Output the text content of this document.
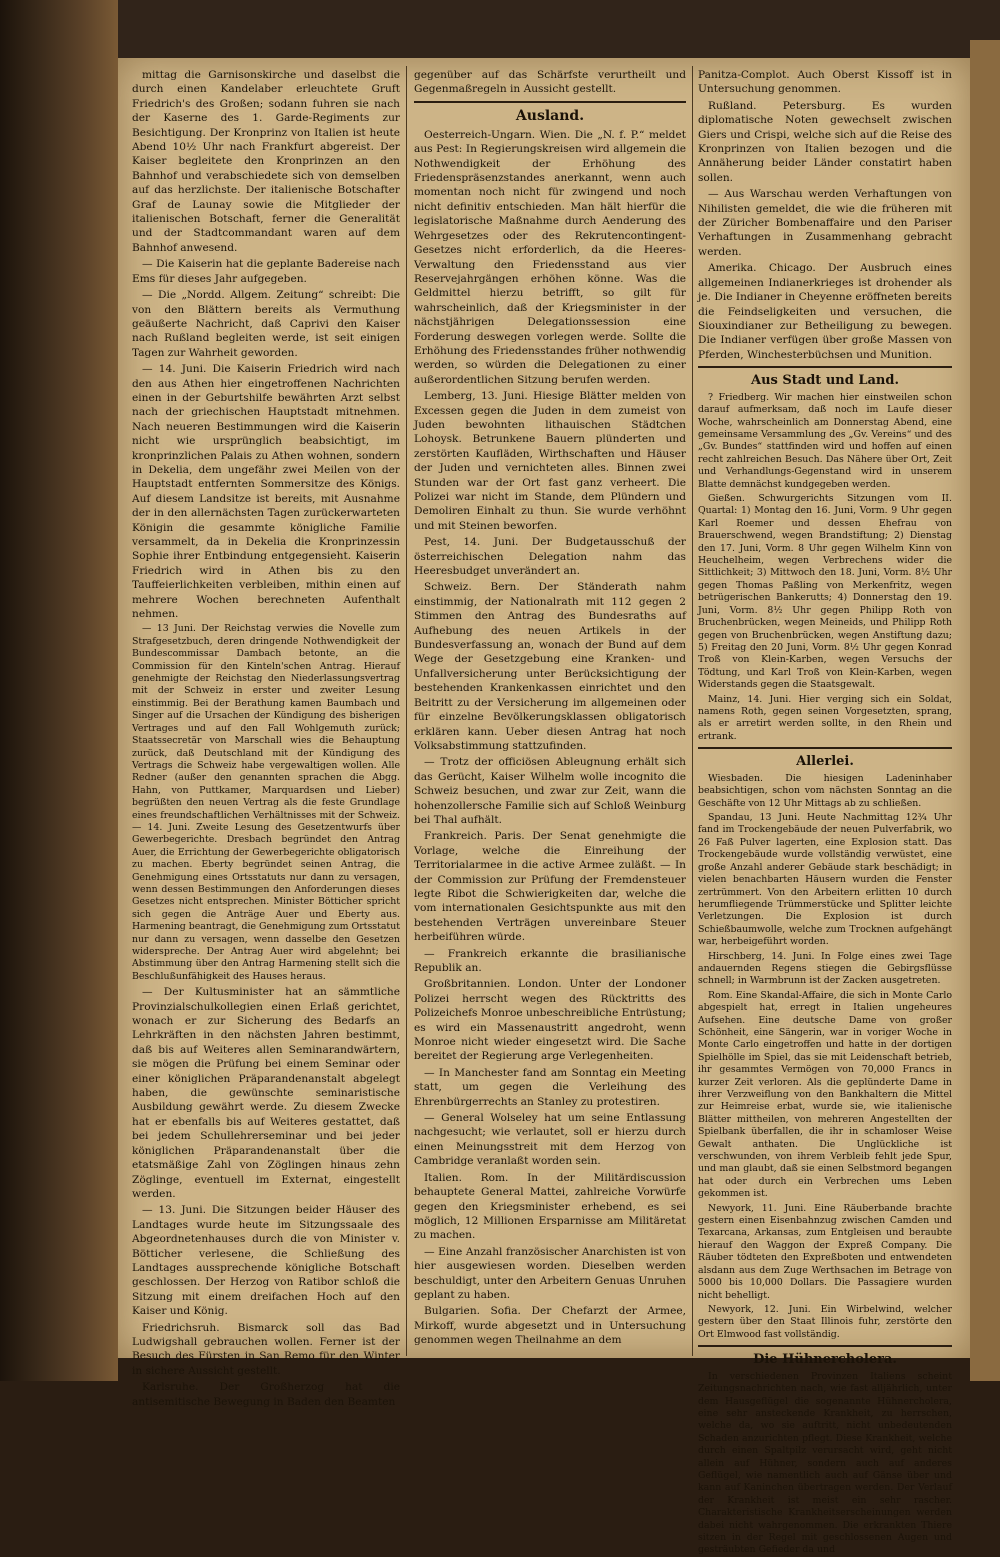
mittag die Garnisonskirche und daselbst die durch einen Kandelaber erleuchtete Gruft Friedrich's des Großen; sodann fuhren sie nach der Kaserne des 1. Garde-Regiments zur Besichtigung. Der Kronprinz von Italien ist heute Abend 10½ Uhr nach Frankfurt abgereist. Der Kaiser begleitete den Kronprinzen an den Bahnhof und verabschiedete sich von demselben auf das herzlichste. Der italienische Botschafter Graf de Launay sowie die Mitglieder der italienischen Botschaft, ferner die Generalität und der Stadtcommandant waren auf dem Bahnhof anwesend.

— Die Kaiserin hat die geplante Badereise nach Ems für dieses Jahr aufgegeben.

— Die „Nordd. Allgem. Zeitung“ schreibt: Die von den Blättern bereits als Vermuthung geäußerte Nachricht, daß Caprivi den Kaiser nach Rußland begleiten werde, ist seit einigen Tagen zur Wahrheit geworden.

— 14. Juni. Die Kaiserin Friedrich wird nach den aus Athen hier eingetroffenen Nachrichten einen in der Geburtshilfe bewährten Arzt selbst nach der griechischen Hauptstadt mitnehmen. Nach neueren Bestimmungen wird die Kaiserin nicht wie ursprünglich beabsichtigt, im kronprinzlichen Palais zu Athen wohnen, sondern in Dekelia, dem ungefähr zwei Meilen von der Hauptstadt entfernten Sommersitze des Königs. Auf diesem Landsitze ist bereits, mit Ausnahme der in den allernächsten Tagen zurückerwarteten Königin die gesammte königliche Familie versammelt, da in Dekelia die Kronprinzessin Sophie ihrer Entbindung entgegensieht. Kaiserin Friedrich wird in Athen bis zu den Tauffeierlichkeiten verbleiben, mithin einen auf mehrere Wochen berechneten Aufenthalt nehmen.

— 13 Juni. Der Reichstag verwies die Novelle zum Strafgesetzbuch, deren dringende Nothwendigkeit der Bundescommissar Dambach betonte, an die Commission für den Kinteln'schen Antrag. Hierauf genehmigte der Reichstag den Niederlassungsvertrag mit der Schweiz in erster und zweiter Lesung einstimmig. Bei der Berathung kamen Baumbach und Singer auf die Ursachen der Kündigung des bisherigen Vertrages und auf den Fall Wohlgemuth zurück; Staatssecretär von Marschall wies die Behauptung zurück, daß Deutschland mit der Kündigung des Vertrags die Schweiz habe vergewaltigen wollen. Alle Redner (außer den genannten sprachen die Abgg. Hahn, von Puttkamer, Marquardsen und Lieber) begrüßten den neuen Vertrag als die feste Grundlage eines freundschaftlichen Verhältnisses mit der Schweiz. — 14. Juni. Zweite Lesung des Gesetzentwurfs über Gewerbegerichte. Dresbach begründet den Antrag Auer, die Errichtung der Gewerbegerichte obligatorisch zu machen. Eberty begründet seinen Antrag, die Genehmigung eines Ortsstatuts nur dann zu versagen, wenn dessen Bestimmungen den Anforderungen dieses Gesetzes nicht entsprechen. Minister Bötticher spricht sich gegen die Anträge Auer und Eberty aus. Harmening beantragt, die Genehmigung zum Ortsstatut nur dann zu versagen, wenn dasselbe den Gesetzen widerspreche. Der Antrag Auer wird abgelehnt; bei Abstimmung über den Antrag Harmening stellt sich die Beschlußunfähigkeit des Hauses heraus.

— Der Kultusminister hat an sämmtliche Provinzialschulkollegien einen Erlaß gerichtet, wonach er zur Sicherung des Bedarfs an Lehrkräften in den nächsten Jahren bestimmt, daß bis auf Weiteres allen Seminarandwärtern, sie mögen die Prüfung bei einem Seminar oder einer königlichen Präparandenanstalt abgelegt haben, die gewünschte seminaristische Ausbildung gewährt werde. Zu diesem Zwecke hat er ebenfalls bis auf Weiteres gestattet, daß bei jedem Schullehrerseminar und bei jeder königlichen Präparandenanstalt über die etatsmäßige Zahl von Zöglingen hinaus zehn Zöglinge, eventuell im Externat, eingestellt werden.

— 13. Juni. Die Sitzungen beider Häuser des Landtages wurde heute im Sitzungssaale des Abgeordnetenhauses durch die von Minister v. Bötticher verlesene, die Schließung des Landtages aussprechende königliche Botschaft geschlossen. Der Herzog von Ratibor schloß die Sitzung mit einem dreifachen Hoch auf den Kaiser und König.

Friedrichsruh. Bismarck soll das Bad Ludwigshall gebrauchen wollen. Ferner ist der Besuch des Fürsten in San Remo für den Winter in sichere Aussicht gestellt.

Karlsruhe. Der Großherzog hat die antisemitische Bewegung in Baden den Beamten

gegenüber auf das Schärfste verurtheilt und Gegenmaßregeln in Aussicht gestellt.

Ausland.

Oesterreich-Ungarn. Wien. Die „N. f. P.“ meldet aus Pest: In Regierungskreisen wird allgemein die Nothwendigkeit der Erhöhung des Friedenspräsenzstandes anerkannt, wenn auch momentan noch nicht für zwingend und noch nicht definitiv entschieden. Man hält hierfür die legislatorische Maßnahme durch Aenderung des Wehrgesetzes oder des Rekrutencontingent-Gesetzes nicht erforderlich, da die Heeres-Verwaltung den Friedensstand aus vier Reservejahrgängen erhöhen könne. Was die Geldmittel hierzu betrifft, so gilt für wahrscheinlich, daß der Kriegsminister in der nächstjährigen Delegationssession eine Forderung deswegen vorlegen werde. Sollte die Erhöhung des Friedensstandes früher nothwendig werden, so würden die Delegationen zu einer außerordentlichen Sitzung berufen werden.

Lemberg, 13. Juni. Hiesige Blätter melden von Excessen gegen die Juden in dem zumeist von Juden bewohnten lithauischen Städtchen Lohoysk. Betrunkene Bauern plünderten und zerstörten Kaufläden, Wirthschaften und Häuser der Juden und vernichteten alles. Binnen zwei Stunden war der Ort fast ganz verheert. Die Polizei war nicht im Stande, dem Plündern und Demoliren Einhalt zu thun. Sie wurde verhöhnt und mit Steinen beworfen.

Pest, 14. Juni. Der Budgetausschuß der österreichischen Delegation nahm das Heeresbudget unverändert an.

Schweiz. Bern. Der Ständerath nahm einstimmig, der Nationalrath mit 112 gegen 2 Stimmen den Antrag des Bundesraths auf Aufhebung des neuen Artikels in der Bundesverfassung an, wonach der Bund auf dem Wege der Gesetzgebung eine Kranken- und Unfallversicherung unter Berücksichtigung der bestehenden Krankenkassen einrichtet und den Beitritt zu der Versicherung im allgemeinen oder für einzelne Bevölkerungsklassen obligatorisch erklären kann. Ueber diesen Antrag hat noch Volksabstimmung stattzufinden.

— Trotz der officiösen Ableugnung erhält sich das Gerücht, Kaiser Wilhelm wolle incognito die Schweiz besuchen, und zwar zur Zeit, wann die hohenzollersche Familie sich auf Schloß Weinburg bei Thal aufhält.

Frankreich. Paris. Der Senat genehmigte die Vorlage, welche die Einreihung der Territorialarmee in die active Armee zuläßt. — In der Commission zur Prüfung der Fremdensteuer legte Ribot die Schwierigkeiten dar, welche die vom internationalen Gesichtspunkte aus mit den bestehenden Verträgen unvereinbare Steuer herbeiführen würde.

— Frankreich erkannte die brasilianische Republik an.

Großbritannien. London. Unter der Londoner Polizei herrscht wegen des Rücktritts des Polizeichefs Monroe unbeschreibliche Entrüstung; es wird ein Massenaustritt angedroht, wenn Monroe nicht wieder eingesetzt wird. Die Sache bereitet der Regierung arge Verlegenheiten.

— In Manchester fand am Sonntag ein Meeting statt, um gegen die Verleihung des Ehrenbürgerrechts an Stanley zu protestiren.

— General Wolseley hat um seine Entlassung nachgesucht; wie verlautet, soll er hierzu durch einen Meinungsstreit mit dem Herzog von Cambridge veranlaßt worden sein.

Italien. Rom. In der Militärdiscussion behauptete General Mattei, zahlreiche Vorwürfe gegen den Kriegsminister erhebend, es sei möglich, 12 Millionen Ersparnisse am Militäretat zu machen.

— Eine Anzahl französischer Anarchisten ist von hier ausgewiesen worden. Dieselben werden beschuldigt, unter den Arbeitern Genuas Unruhen geplant zu haben.

Bulgarien. Sofia. Der Chefarzt der Armee, Mirkoff, wurde abgesetzt und in Untersuchung genommen wegen Theilnahme an dem

Panitza-Complot. Auch Oberst Kissoff ist in Untersuchung genommen.

Rußland. Petersburg. Es wurden diplomatische Noten gewechselt zwischen Giers und Crispi, welche sich auf die Reise des Kronprinzen von Italien bezogen und die Annäherung beider Länder constatirt haben sollen.

— Aus Warschau werden Verhaftungen von Nihilisten gemeldet, die wie die früheren mit der Züricher Bombenaffaire und den Pariser Verhaftungen in Zusammenhang gebracht werden.

Amerika. Chicago. Der Ausbruch eines allgemeinen Indianerkrieges ist drohender als je. Die Indianer in Cheyenne eröffneten bereits die Feindseligkeiten und versuchen, die Siouxindianer zur Betheiligung zu bewegen. Die Indianer verfügen über große Massen von Pferden, Winchesterbüchsen und Munition.

Aus Stadt und Land.

? Friedberg. Wir machen hier einstweilen schon darauf aufmerksam, daß noch im Laufe dieser Woche, wahrscheinlich am Donnerstag Abend, eine gemeinsame Versammlung des „Gv. Vereins“ und des „Gv. Bundes“ stattfinden wird und hoffen auf einen recht zahlreichen Besuch. Das Nähere über Ort, Zeit und Verhandlungs-Gegenstand wird in unserem Blatte demnächst kundgegeben werden.

Gießen. Schwurgerichts Sitzungen vom II. Quartal: 1) Montag den 16. Juni, Vorm. 9 Uhr gegen Karl Roemer und dessen Ehefrau von Brauerschwend, wegen Brandstiftung; 2) Dienstag den 17. Juni, Vorm. 8 Uhr gegen Wilhelm Kinn von Heuchelheim, wegen Verbrechens wider die Sittlichkeit; 3) Mittwoch den 18. Juni, Vorm. 8½ Uhr gegen Thomas Paßling von Merkenfritz, wegen betrügerischen Bankerutts; 4) Donnerstag den 19. Juni, Vorm. 8½ Uhr gegen Philipp Roth von Bruchenbrücken, wegen Meineids, und Philipp Roth gegen von Bruchenbrücken, wegen Anstiftung dazu; 5) Freitag den 20 Juni, Vorm. 8½ Uhr gegen Konrad Troß von Klein-Karben, wegen Versuchs der Tödtung, und Karl Troß von Klein-Karben, wegen Widerstands gegen die Staatsgewalt.

Mainz, 14. Juni. Hier verging sich ein Soldat, namens Roth, gegen seinen Vorgesetzten, sprang, als er arretirt werden sollte, in den Rhein und ertrank.

Allerlei.

Wiesbaden. Die hiesigen Ladeninhaber beabsichtigen, schon vom nächsten Sonntag an die Geschäfte von 12 Uhr Mittags ab zu schließen.

Spandau, 13 Juni. Heute Nachmittag 12¾ Uhr fand im Trockengebäude der neuen Pulverfabrik, wo 26 Faß Pulver lagerten, eine Explosion statt. Das Trockengebäude wurde vollständig verwüstet, eine große Anzahl anderer Gebäude stark beschädigt; in vielen benachbarten Häusern wurden die Fenster zertrümmert. Von den Arbeitern erlitten 10 durch herumfliegende Trümmerstücke und Splitter leichte Verletzungen. Die Explosion ist durch Schießbaumwolle, welche zum Trocknen aufgehängt war, herbeigeführt worden.

Hirschberg, 14. Juni. In Folge eines zwei Tage andauernden Regens stiegen die Gebirgsflüsse schnell; in Warmbrunn ist der Zacken ausgetreten.

Rom. Eine Skandal-Affaire, die sich in Monte Carlo abgespielt hat, erregt in Italien ungeheures Aufsehen. Eine deutsche Dame von großer Schönheit, eine Sängerin, war in voriger Woche in Monte Carlo eingetroffen und hatte in der dortigen Spielhölle im Spiel, das sie mit Leidenschaft betrieb, ihr gesammtes Vermögen von 70,000 Francs in kurzer Zeit verloren. Als die geplünderte Dame in ihrer Verzweiflung von den Bankhaltern die Mittel zur Heimreise erbat, wurde sie, wie italienische Blätter mittheilen, von mehreren Angestellten der Spielbank überfallen, die ihr in schamloser Weise Gewalt anthaten. Die Unglückliche ist verschwunden, von ihrem Verbleib fehlt jede Spur, und man glaubt, daß sie einen Selbstmord begangen hat oder durch ein Verbrechen ums Leben gekommen ist.

Newyork, 11. Juni. Eine Räuberbande brachte gestern einen Eisenbahnzug zwischen Camden und Texarcana, Arkansas, zum Entgleisen und beraubte hierauf den Waggon der Expreß Company. Die Räuber tödteten den Expreßboten und entwendeten alsdann aus dem Zuge Werthsachen im Betrage von 5000 bis 10,000 Dollars. Die Passagiere wurden nicht behelligt.

Newyork, 12. Juni. Ein Wirbelwind, welcher gestern über den Staat Illinois fuhr, zerstörte den Ort Elmwood fast vollständig.

Die Hühnercholera.

In verschiedenen Provinzen Italiens scheint Zeitungsnachrichten nach, wie fast alljährlich, unter dem Hausgeflügel die sogenannte Hühnercholera, eine sehr ansteckende Krankheit, zu herrschen, welche da, wo sie auftritt, nicht unbedeutenden Schaden anzurichten pflegt. Diese Krankheit, welche durch einen Spaltpilz verursacht wird, geht nicht allein auf Hühner, sondern auch auf anderes Geflügel, wie namentlich auch auf Gänse über und kann auf Kaninchen übertragen werden. Der Verlauf der Krankheit ist meist ein sehr rascher. Charakteristische Krankheitserscheinungen werden dabei nicht wahrgenommen. Die erkrankten Thiere sitzen in der Regel mit geschlossenen Augen und gesträubten Gefieder da und
